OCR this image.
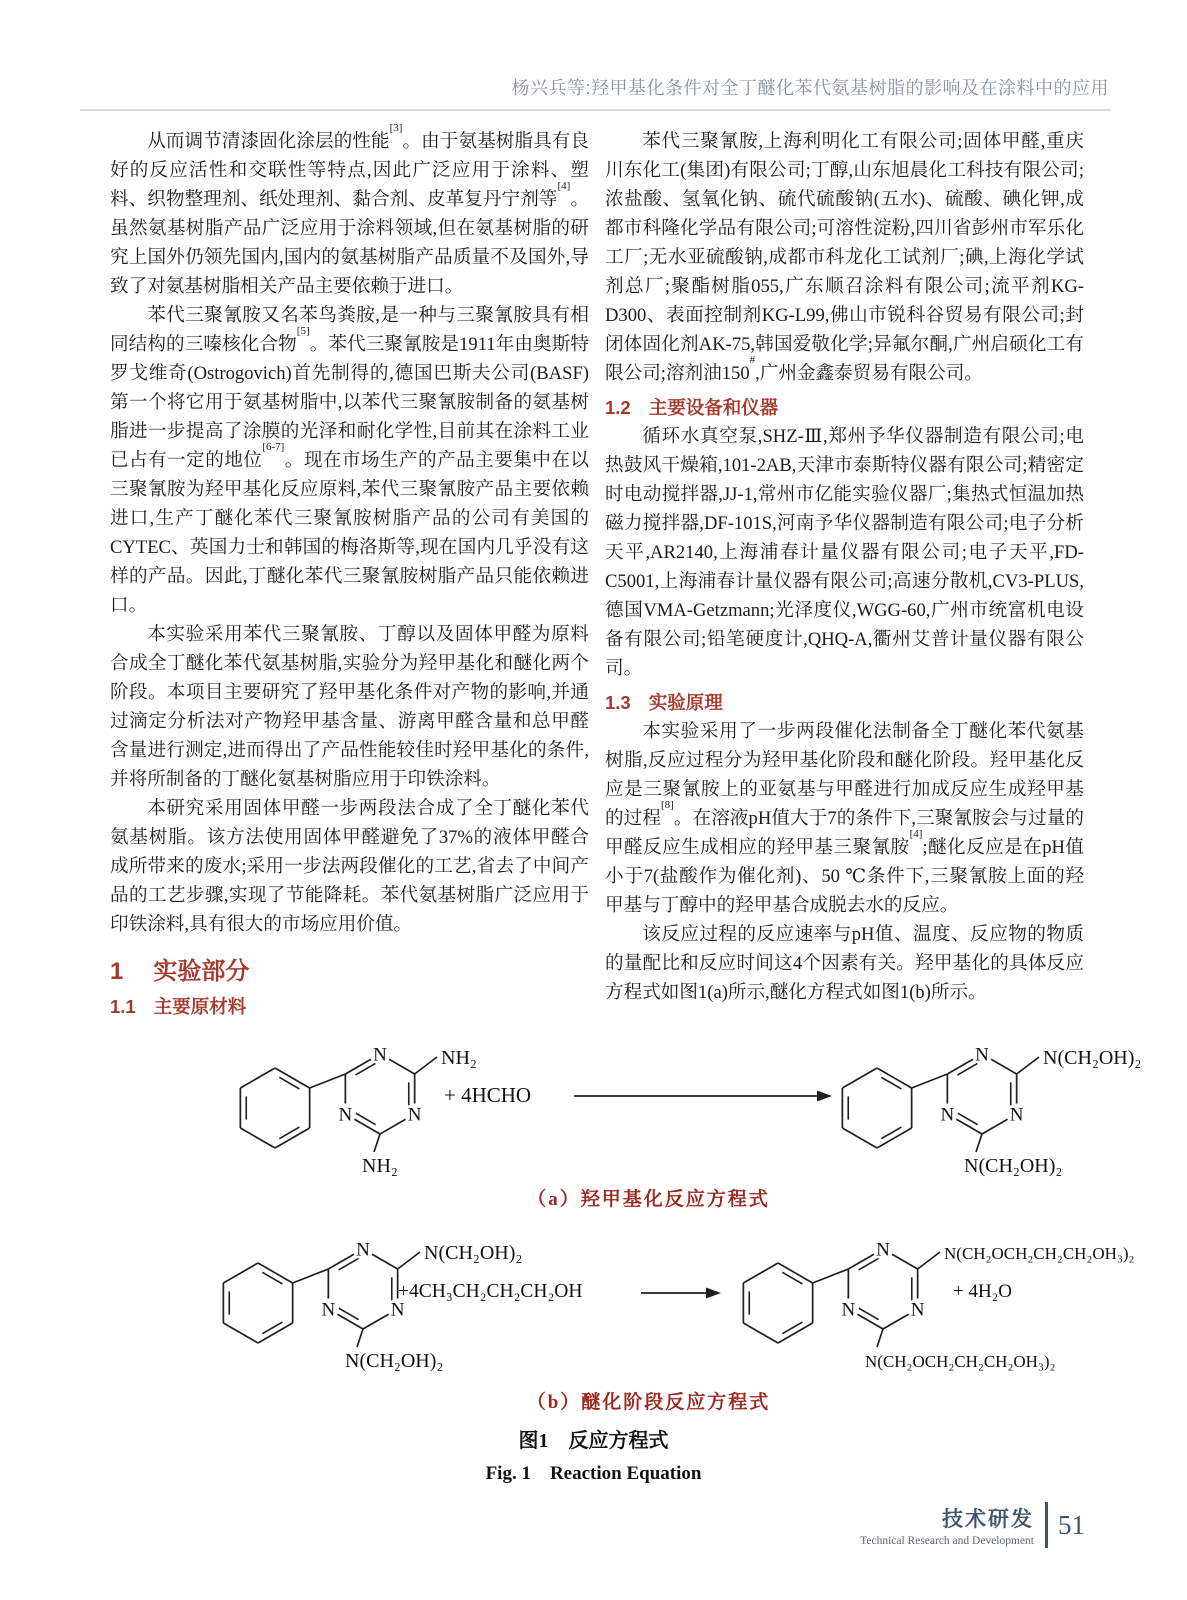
杨兴兵等:羟甲基化条件对全丁醚化苯代氨基树脂的影响及在涂料中的应用

从而调节清漆固化涂层的性能[3]。由于氨基树脂具有良好的反应活性和交联性等特点,因此广泛应用于涂料、塑料、织物整理剂、纸处理剂、黏合剂、皮革复丹宁剂等[4]。虽然氨基树脂产品广泛应用于涂料领域,但在氨基树脂的研究上国外仍领先国内,国内的氨基树脂产品质量不及国外,导致了对氨基树脂相关产品主要依赖于进口。

苯代三聚氰胺又名苯鸟粪胺,是一种与三聚氰胺具有相同结构的三嗪核化合物[5]。苯代三聚氰胺是1911年由奥斯特罗戈维奇(Ostrogovich)首先制得的,德国巴斯夫公司(BASF)第一个将它用于氨基树脂中,以苯代三聚氰胺制备的氨基树脂进一步提高了涂膜的光泽和耐化学性,目前其在涂料工业已占有一定的地位[6-7]。现在市场生产的产品主要集中在以三聚氰胺为羟甲基化反应原料,苯代三聚氰胺产品主要依赖进口,生产丁醚化苯代三聚氰胺树脂产品的公司有美国的CYTEC、英国力士和韩国的梅洛斯等,现在国内几乎没有这样的产品。因此,丁醚化苯代三聚氰胺树脂产品只能依赖进口。

本实验采用苯代三聚氰胺、丁醇以及固体甲醛为原料合成全丁醚化苯代氨基树脂,实验分为羟甲基化和醚化两个阶段。本项目主要研究了羟甲基化条件对产物的影响,并通过滴定分析法对产物羟甲基含量、游离甲醛含量和总甲醛含量进行测定,进而得出了产品性能较佳时羟甲基化的条件,并将所制备的丁醚化氨基树脂应用于印铁涂料。

本研究采用固体甲醛一步两段法合成了全丁醚化苯代氨基树脂。该方法使用固体甲醛避免了37%的液体甲醛合成所带来的废水;采用一步法两段催化的工艺,省去了中间产品的工艺步骤,实现了节能降耗。苯代氨基树脂广泛应用于印铁涂料,具有很大的市场应用价值。

1 实验部分
1.1 主要原材料

苯代三聚氰胺,上海利明化工有限公司;固体甲醛,重庆川东化工(集团)有限公司;丁醇,山东旭晨化工科技有限公司;浓盐酸、氢氧化钠、硫代硫酸钠(五水)、硫酸、碘化钾,成都市科隆化学品有限公司;可溶性淀粉,四川省彭州市军乐化工厂;无水亚硫酸钠,成都市科龙化工试剂厂;碘,上海化学试剂总厂;聚酯树脂055,广东顺召涂料有限公司;流平剂KG-D300、表面控制剂KG-L99,佛山市锐科谷贸易有限公司;封闭体固化剂AK-75,韩国爱敬化学;异氟尔酮,广州启硕化工有限公司;溶剂油150#,广州金鑫泰贸易有限公司。

1.2 主要设备和仪器

循环水真空泵,SHZ-Ⅲ,郑州予华仪器制造有限公司;电热鼓风干燥箱,101-2AB,天津市泰斯特仪器有限公司;精密定时电动搅拌器,JJ-1,常州市亿能实验仪器厂;集热式恒温加热磁力搅拌器,DF-101S,河南予华仪器制造有限公司;电子分析天平,AR2140,上海浦春计量仪器有限公司;电子天平,FD-C5001,上海浦春计量仪器有限公司;高速分散机,CV3-PLUS,德国VMA-Getzmann;光泽度仪,WGG-60,广州市统富机电设备有限公司;铅笔硬度计,QHQ-A,衢州艾普计量仪器有限公司。

1.3 实验原理

本实验采用了一步两段催化法制备全丁醚化苯代氨基树脂,反应过程分为羟甲基化阶段和醚化阶段。羟甲基化反应是三聚氰胺上的亚氨基与甲醛进行加成反应生成羟甲基的过程[8]。在溶液pH值大于7的条件下,三聚氰胺会与过量的甲醛反应生成相应的羟甲基三聚氰胺[4];醚化反应是在pH值小于7(盐酸作为催化剂)、50 ℃条件下,三聚氰胺上面的羟甲基与丁醇中的羟甲基合成脱去水的反应。

该反应过程的反应速率与pH值、温度、反应物的物质的量配比和反应时间这4个因素有关。羟甲基化的具体反应方程式如图1(a)所示,醚化方程式如图1(b)所示。

N
N
N
NH₂
NH₂
+ 4HCHO
N
N
N
N(CH₂OH)₂
N(CH₂OH)₂
（a）羟甲基化反应方程式
N
N
N
N(CH₂OH)₂
N(CH₂OH)₂
+4CH₃CH₂CH₂CH₂OH
N
N
N
N(CH₂OCH₂CH₂CH₂OH₃)₂
N(CH₂OCH₂CH₂CH₂OH₃)₂
+ 4H₂O
（b）醚化阶段反应方程式
图1　反应方程式
Fig. 1　Reaction Equation
技术研发
Technical Research and Development
51
